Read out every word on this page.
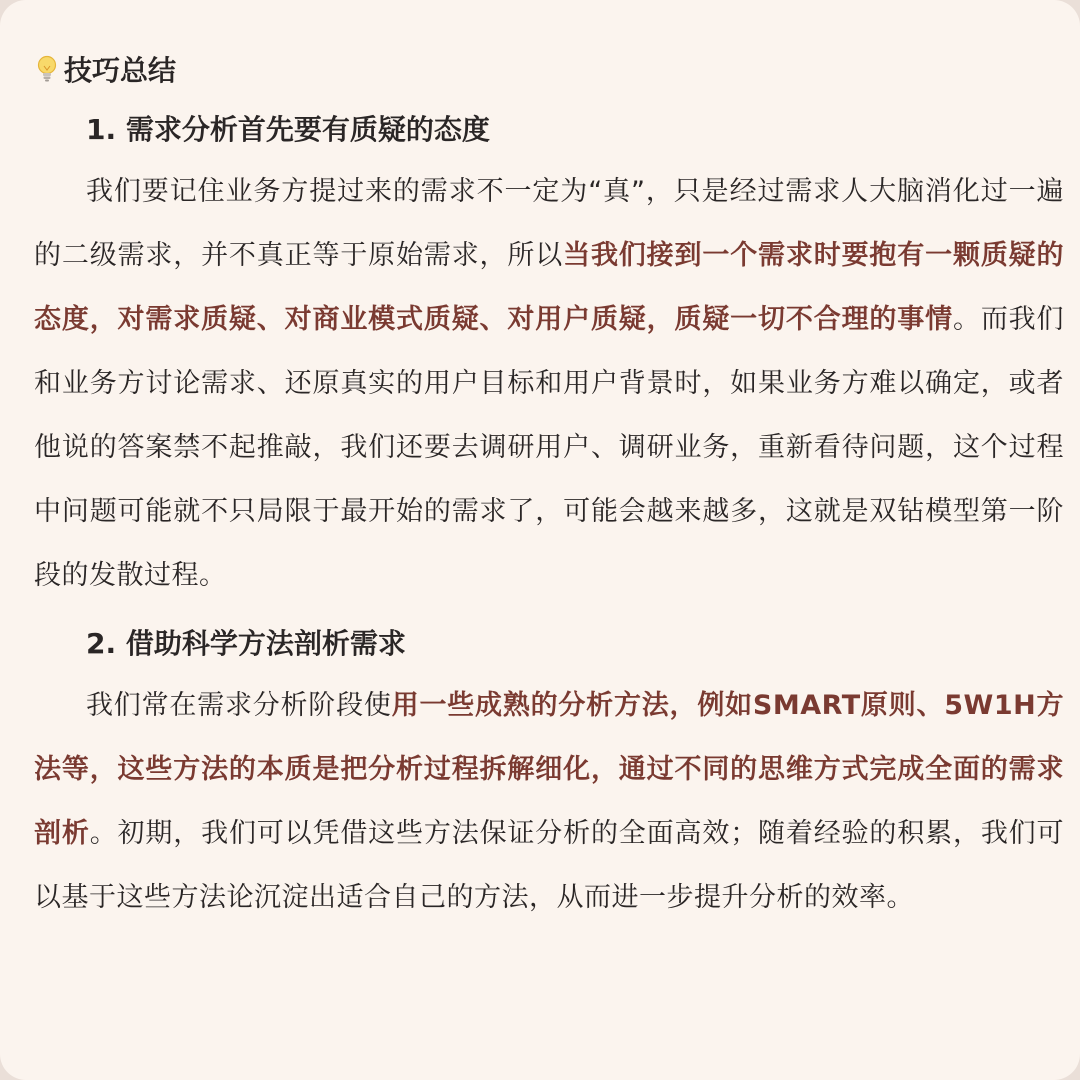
技巧总结
1. 需求分析首先要有质疑的态度

我们要记住业务方提过来的需求不一定为“真”，只是经过需求人大脑消化过一遍的二级需求，并不真正等于原始需求，所以当我们接到一个需求时要抱有一颗质疑的态度，对需求质疑、对商业模式质疑、对用户质疑，质疑一切不合理的事情。而我们和业务方讨论需求、还原真实的用户目标和用户背景时，如果业务方难以确定，或者他说的答案禁不起推敲，我们还要去调研用户、调研业务，重新看待问题，这个过程中问题可能就不只局限于最开始的需求了，可能会越来越多，这就是双钻模型第一阶段的发散过程。

2. 借助科学方法剖析需求

我们常在需求分析阶段使用一些成熟的分析方法，例如SMART原则、5W1H方法等，这些方法的本质是把分析过程拆解细化，通过不同的思维方式完成全面的需求剖析。初期，我们可以凭借这些方法保证分析的全面高效；随着经验的积累，我们可以基于这些方法论沉淀出适合自己的方法，从而进一步提升分析的效率。
